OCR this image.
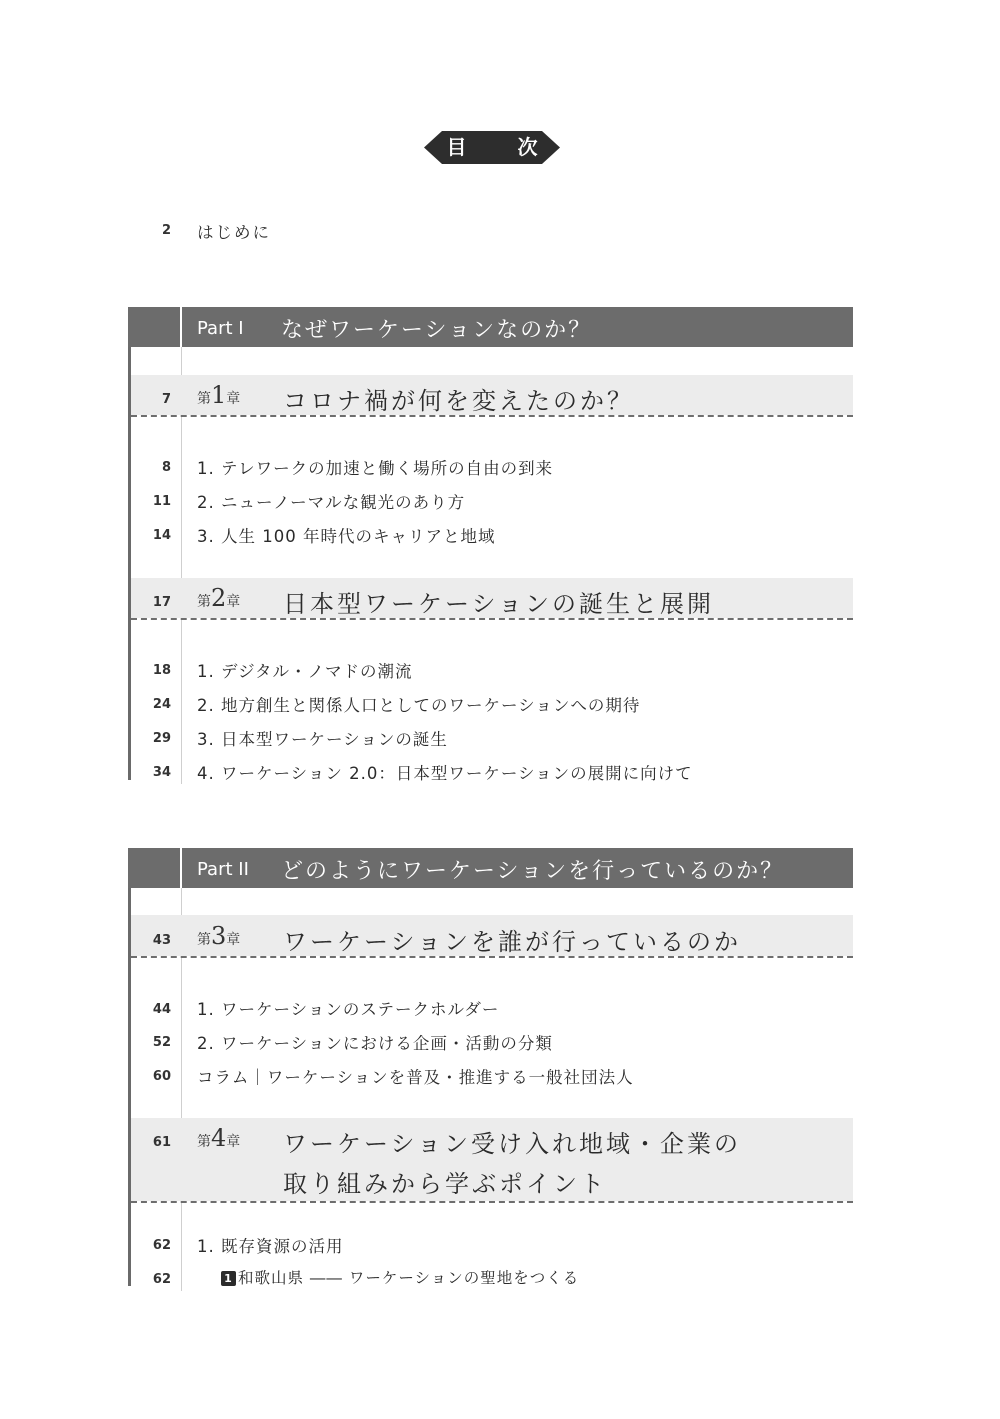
目 次
2 はじめに
Part I なぜワーケーションなのか？
7 第1章 コロナ禍が何を変えたのか？
8 1. テレワークの加速と働く場所の自由の到来
11 2. ニューノーマルな観光のあり方
14 3. 人生 100 年時代のキャリアと地域
17 第2章 日本型ワーケーションの誕生と展開
18 1. デジタル・ノマドの潮流
24 2. 地方創生と関係人口としてのワーケーションへの期待
29 3. 日本型ワーケーションの誕生
34 4. ワーケーション 2.0：日本型ワーケーションの展開に向けて
Part II どのようにワーケーションを行っているのか？
43 第3章 ワーケーションを誰が行っているのか
44 1. ワーケーションのステークホルダー
52 2. ワーケーションにおける企画・活動の分類
60 コラム｜ワーケーションを普及・推進する一般社団法人
61 第4章 ワーケーション受け入れ地域・企業の
取り組みから学ぶポイント
62 1. 既存資源の活用
62	1 和歌山県 ―― ワーケーションの聖地をつくる
